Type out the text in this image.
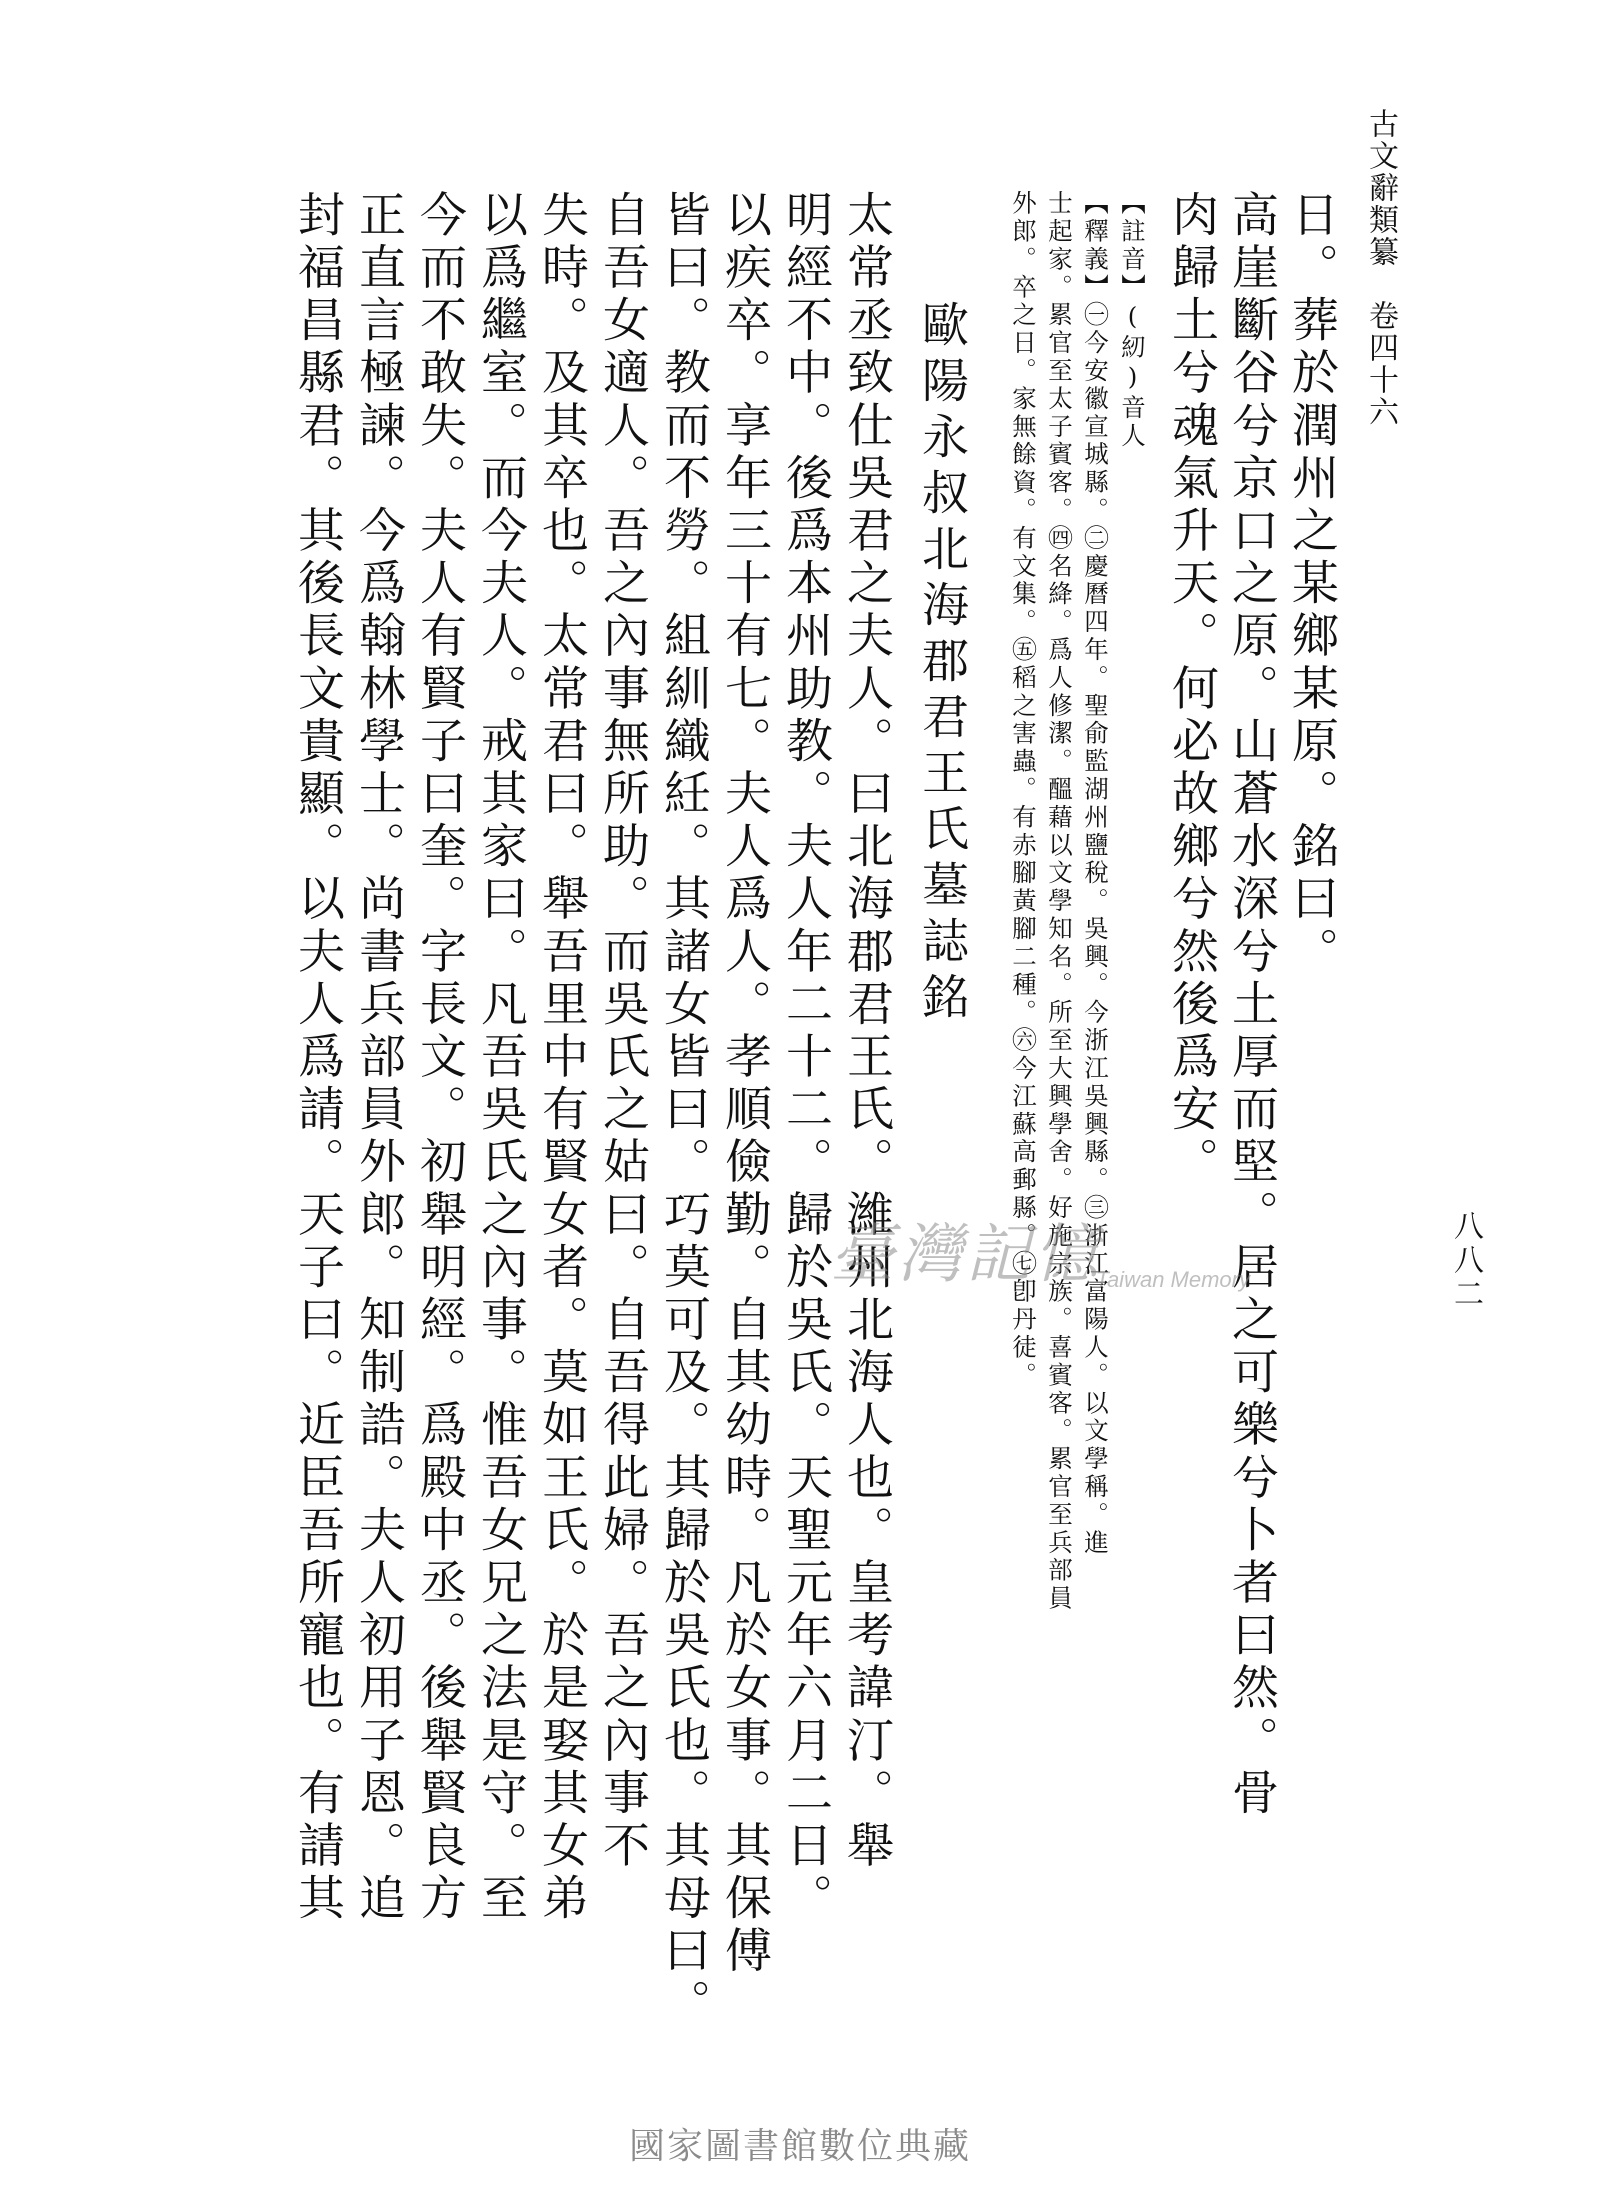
古文辭類纂　卷四十六
八八二
日。葬於潤州之某鄉某原。銘曰。
高崖斷谷兮京口之原。山蒼水深兮土厚而堅。居之可樂兮卜者曰然。骨
肉歸土兮魂氣升天。何必故鄉兮然後爲安。
【註音】(紉)音人
【釋義】㊀今安徽宣城縣。㊁慶曆四年。聖俞監湖州鹽稅。吳興。今浙江吳興縣。㊂浙江富陽人。以文學稱。進
士起家。累官至太子賓客。㊃名絳。爲人修潔。醞藉以文學知名。所至大興學舍。好施宗族。喜賓客。累官至兵部員
外郎。卒之日。家無餘資。有文集。㊄稻之害蟲。有赤腳黃腳二種。㊅今江蘇高郵縣。㊆卽丹徒。
歐陽永叔北海郡君王氏墓誌銘
太常丞致仕吳君之夫人。曰北海郡君王氏。濰州北海人也。皇考諱汀。舉
明經不中。後爲本州助教。夫人年二十二。歸於吳氏。天聖元年六月二日。
以疾卒。享年三十有七。夫人爲人。孝順儉勤。自其幼時。凡於女事。其保傅
皆曰。教而不勞。組紃織紝。其諸女皆曰。巧莫可及。其歸於吳氏也。其母曰。
自吾女適人。吾之內事無所助。而吳氏之姑曰。自吾得此婦。吾之內事不
失時。及其卒也。太常君曰。舉吾里中有賢女者。莫如王氏。於是娶其女弟
以爲繼室。而今夫人。戒其家曰。凡吾吳氏之內事。惟吾女兄之法是守。至
今而不敢失。夫人有賢子曰奎。字長文。初舉明經。爲殿中丞。後舉賢良方
正直言極諫。今爲翰林學士。尚書兵部員外郎。知制誥。夫人初用子恩。追
封福昌縣君。其後長文貴顯。以夫人爲請。天子曰。近臣吾所寵也。有請其	臺灣記憶
Taiwan Memory
國家圖書館數位典藏
